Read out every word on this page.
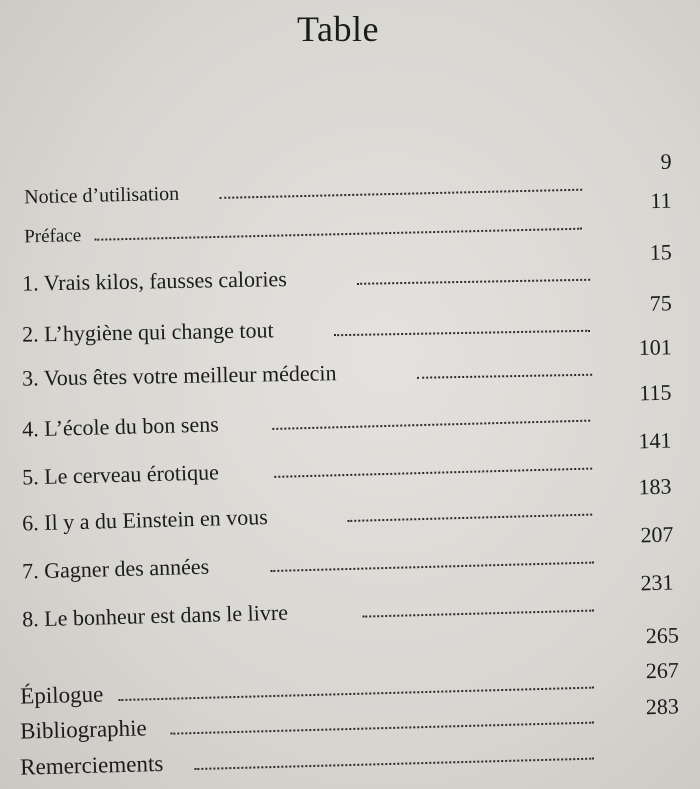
Table
Notice d’utilisation
9
Préface
11
1. Vrais kilos, fausses calories
15
2. L’hygiène qui change tout
75
3. Vous êtes votre meilleur médecin
101
4. L’école du bon sens
115
5. Le cerveau érotique
141
6. Il y a du Einstein en vous
183
7. Gagner des années
207
8. Le bonheur est dans le livre
231
Épilogue
265
Bibliographie
267
Remerciements
283
